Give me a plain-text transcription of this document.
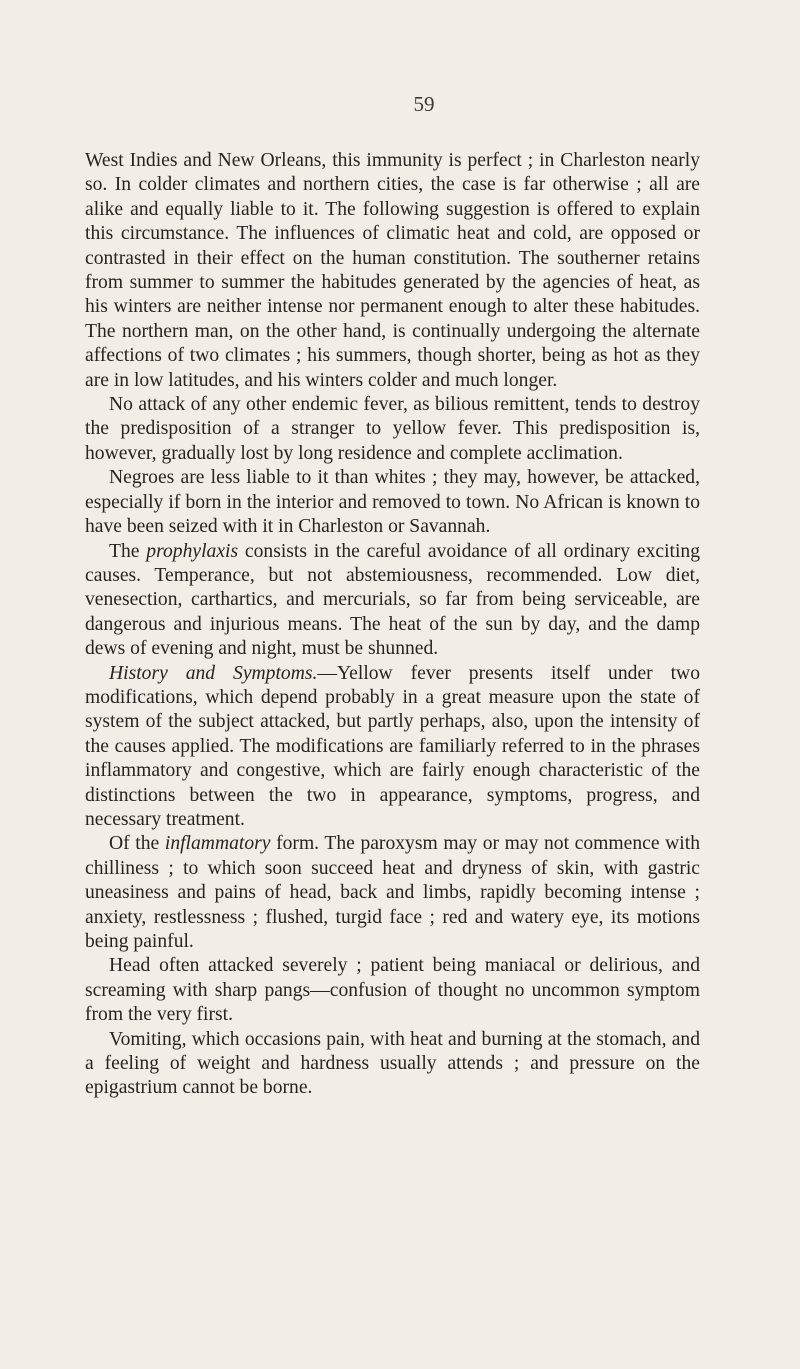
59

West Indies and New Orleans, this immunity is perfect ; in Charleston nearly so. In colder climates and northern cities, the case is far otherwise ; all are alike and equally liable to it. The following suggestion is offered to explain this circumstance. The influences of climatic heat and cold, are opposed or contrasted in their effect on the human constitution. The southerner retains from summer to summer the habitudes generated by the agencies of heat, as his winters are neither intense nor permanent enough to alter these habitudes. The northern man, on the other hand, is continually undergoing the alternate affections of two climates ; his summers, though shorter, being as hot as they are in low latitudes, and his winters colder and much longer.

No attack of any other endemic fever, as bilious remittent, tends to destroy the predisposition of a stranger to yellow fever. This predisposition is, however, gradually lost by long residence and complete acclimation.

Negroes are less liable to it than whites ; they may, however, be attacked, especially if born in the interior and removed to town. No African is known to have been seized with it in Charleston or Savannah.

The prophylaxis consists in the careful avoidance of all ordinary exciting causes. Temperance, but not abstemiousness, recommended. Low diet, venesection, carthartics, and mercurials, so far from being serviceable, are dangerous and injurious means. The heat of the sun by day, and the damp dews of evening and night, must be shunned.

History and Symptoms.—Yellow fever presents itself under two modifications, which depend probably in a great measure upon the state of system of the subject attacked, but partly perhaps, also, upon the intensity of the causes applied. The modifications are familiarly referred to in the phrases inflammatory and congestive, which are fairly enough characteristic of the distinctions between the two in appearance, symptoms, progress, and necessary treatment.

Of the inflammatory form. The paroxysm may or may not commence with chilliness ; to which soon succeed heat and dryness of skin, with gastric uneasiness and pains of head, back and limbs, rapidly becoming intense ; anxiety, restlessness ; flushed, turgid face ; red and watery eye, its motions being painful.

Head often attacked severely ; patient being maniacal or delirious, and screaming with sharp pangs—confusion of thought no uncommon symptom from the very first.

Vomiting, which occasions pain, with heat and burning at the stomach, and a feeling of weight and hardness usually attends ; and pressure on the epigastrium cannot be borne.
